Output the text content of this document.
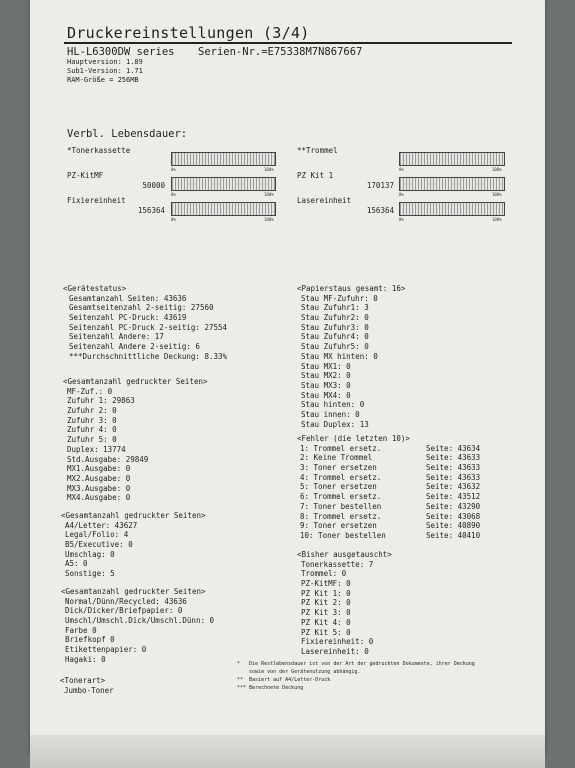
Druckereinstellungen (3/4)
HL-L6300DW series Serien-Nr.=E75338M7N867667
Hauptversion: 1.89
Sub1-Version: 1.71
RAM-Größe = 256MB
Verbl. Lebensdauer:
*Tonerkassette
0%	100%
PZ-KitMF
50000
0%	100%
Fixiereinheit
156364
0%	100%
**Trommel
0%	100%
PZ Kit 1
170137
0%	100%
Lasereinheit
156364
0%	100%
<Gerätestatus>
Gesamtanzahl Seiten: 43636
Gesamtseitenzahl 2-seitig: 27560
Seitenzahl PC-Druck: 43619
Seitenzahl PC-Druck 2-seitig: 27554
Seitenzahl Andere: 17
Seitenzahl Andere 2-seitig: 6
***Durchschnittliche Deckung: 8.33%
<Gesamtanzahl gedruckter Seiten>
MF-Zuf.: 0
Zufuhr 1: 29863
Zufuhr 2: 0
Zufuhr 3: 0
Zufuhr 4: 0
Zufuhr 5: 0
Duplex: 13774
Std.Ausgabe: 29849
MX1.Ausgabe: 0
MX2.Ausgabe: 0
MX3.Ausgabe: 0
MX4.Ausgabe: 0
<Gesamtanzahl gedruckter Seiten>
A4/Letter: 43627
Legal/Folio: 4
B5/Executive: 0
Umschlag: 0
A5: 0
Sonstige: 5
<Gesamtanzahl gedruckter Seiten>
Normal/Dünn/Recycled: 43636
Dick/Dicker/Briefpapier: 0
Umschl/Umschl.Dick/Umschl.Dünn: 0
Farbe 0
Briefkopf 0
Etikettenpapier: 0
Hagaki: 0
<Tonerart>
Jumbo-Toner
<Papierstaus gesamt: 16>
Stau MF-Zufuhr: 0
Stau Zufuhr1: 3
Stau Zufuhr2: 0
Stau Zufuhr3: 0
Stau Zufuhr4: 0
Stau Zufuhr5: 0
Stau MX hinten: 0
Stau MX1: 0
Stau MX2: 0
Stau MX3: 0
Stau MX4: 0
Stau hinten: 0
Stau innen: 0
Stau Duplex: 13
<Fehler (die letzten 10)>
1: Trommel ersetz.	Seite: 43634
2: Keine Trommel	Seite: 43633
3: Toner ersetzen	Seite: 43633
4: Trommel ersetz.	Seite: 43633
5: Toner ersetzen	Seite: 43632
6: Trommel ersetz.	Seite: 43512
7: Toner bestellen	Seite: 43290
8: Trommel ersetz.	Seite: 43068
9: Toner ersetzen	Seite: 40890
10: Toner bestellen	Seite: 40410
<Bisher ausgetauscht>
Tonerkassette: 7
Trommel: 0
PZ-KitMF: 0
PZ Kit 1: 0
PZ Kit 2: 0
PZ Kit 3: 0
PZ Kit 4: 0
PZ Kit 5: 0
Fixiereinheit: 0
Lasereinheit: 0
*   Die Restlebensdauer ist von der Art der gedruckten Dokumente, ihrer Deckung
sowie von der Gerätenutzung abhängig.
**  Basiert auf A4/Letter-Druck
*** Berechnete Deckung
